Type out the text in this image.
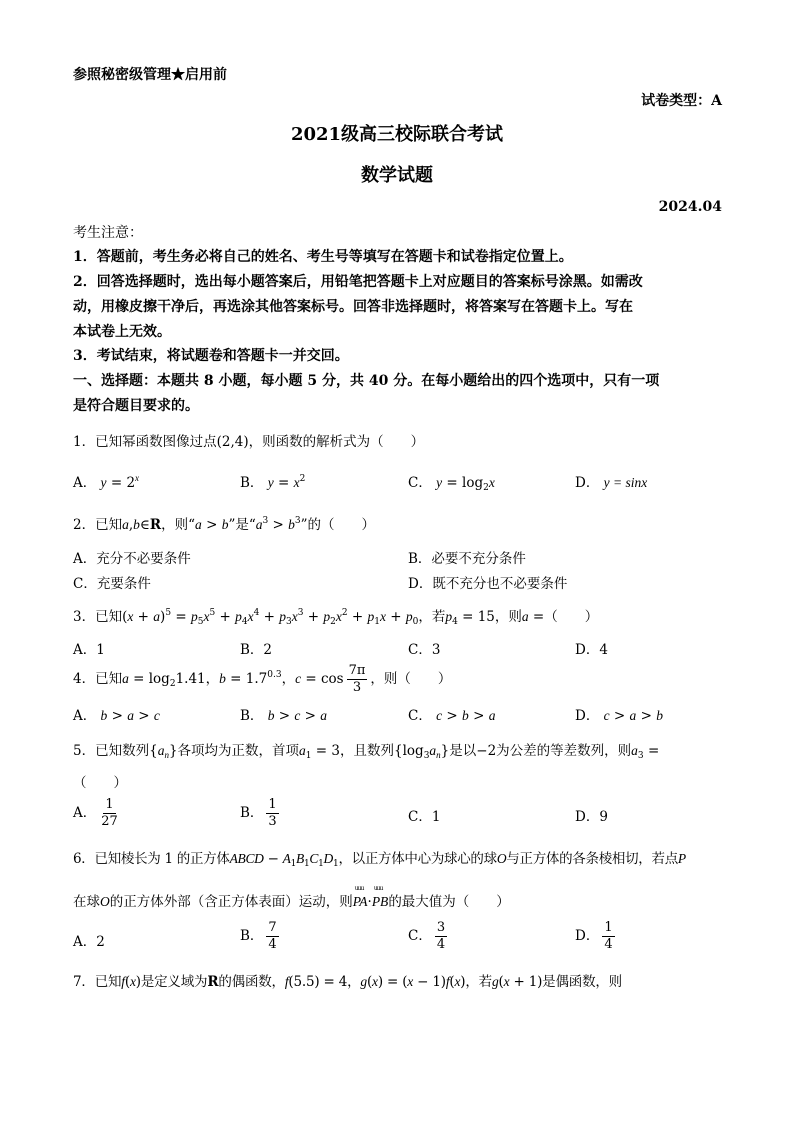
参照秘密级管理★启用前
试卷类型：A
2021级高三校际联合考试
数学试题
2024.04
考生注意：
1．答题前，考生务必将自己的姓名、考生号等填写在答题卡和试卷指定位置上。
2．回答选择题时，选出每小题答案后，用铅笔把答题卡上对应题目的答案标号涂黑。如需改
动，用橡皮擦干净后，再选涂其他答案标号。回答非选择题时，将答案写在答题卡上。写在
本试卷上无效。
3．考试结束，将试题卷和答题卡一并交回。
一、选择题：本题共 8 小题，每小题 5 分，共 40 分。在每小题给出的四个选项中，只有一项
是符合题目要求的。
1．已知幂函数图像过点(2,4)，则函数的解析式为（　　）
A． $y = 2^x$	B． $y = x^2$	C． $y = \log_2x$	D． y = sinx
2．已知a,b∈R，则“a > b”是“$a^3 > b^3$”的（　　）
A．充分不必要条件	B．必要不充分条件
C．充要条件	D．既不充分也不必要条件
3．已知$(x + a)^5 = p_5x^5 + p_4x^4 + p_3x^3 + p_2x^2 + p_1x + p_0$，若$p_4 = 15$，则a =（　　）
A．1	B．2	C．3	D．4
4．已知$a = \log_21.41$，$b = 1.7^{0.3}$，$c = \cos \frac{7\pi}{3}$ ，则（　　）
A． b > a > c	B． b > c > a	C． c > b > a	D． c > a > b
5．已知数列$\{a_n\}$各项均为正数，首项$a_1 = 3$，且数列$\{\log_3a_n\}$是以−2为公差的等差数列，则$a_3$ =
（　　）
A． $\frac{1}{27}$	B． $\frac{1}{3}$	C．1	D．9
6．已知棱长为 1 的正方体ABCD − $A_1B_1C_1D_1$，以正方体中心为球心的球O与正方体的各条棱相切，若点P
在球O的正方体外部（含正方体表面）运动，则uuu PA·uuu PB的最大值为（　　）
A．2	B． $\frac{7}{4}$	C． $\frac{3}{4}$	D． $\frac{1}{4}$
7．已知f(x)是定义域为R的偶函数，f(5.5) = 4，g(x) = (x − 1)f(x)，若g(x + 1)是偶函数，则
